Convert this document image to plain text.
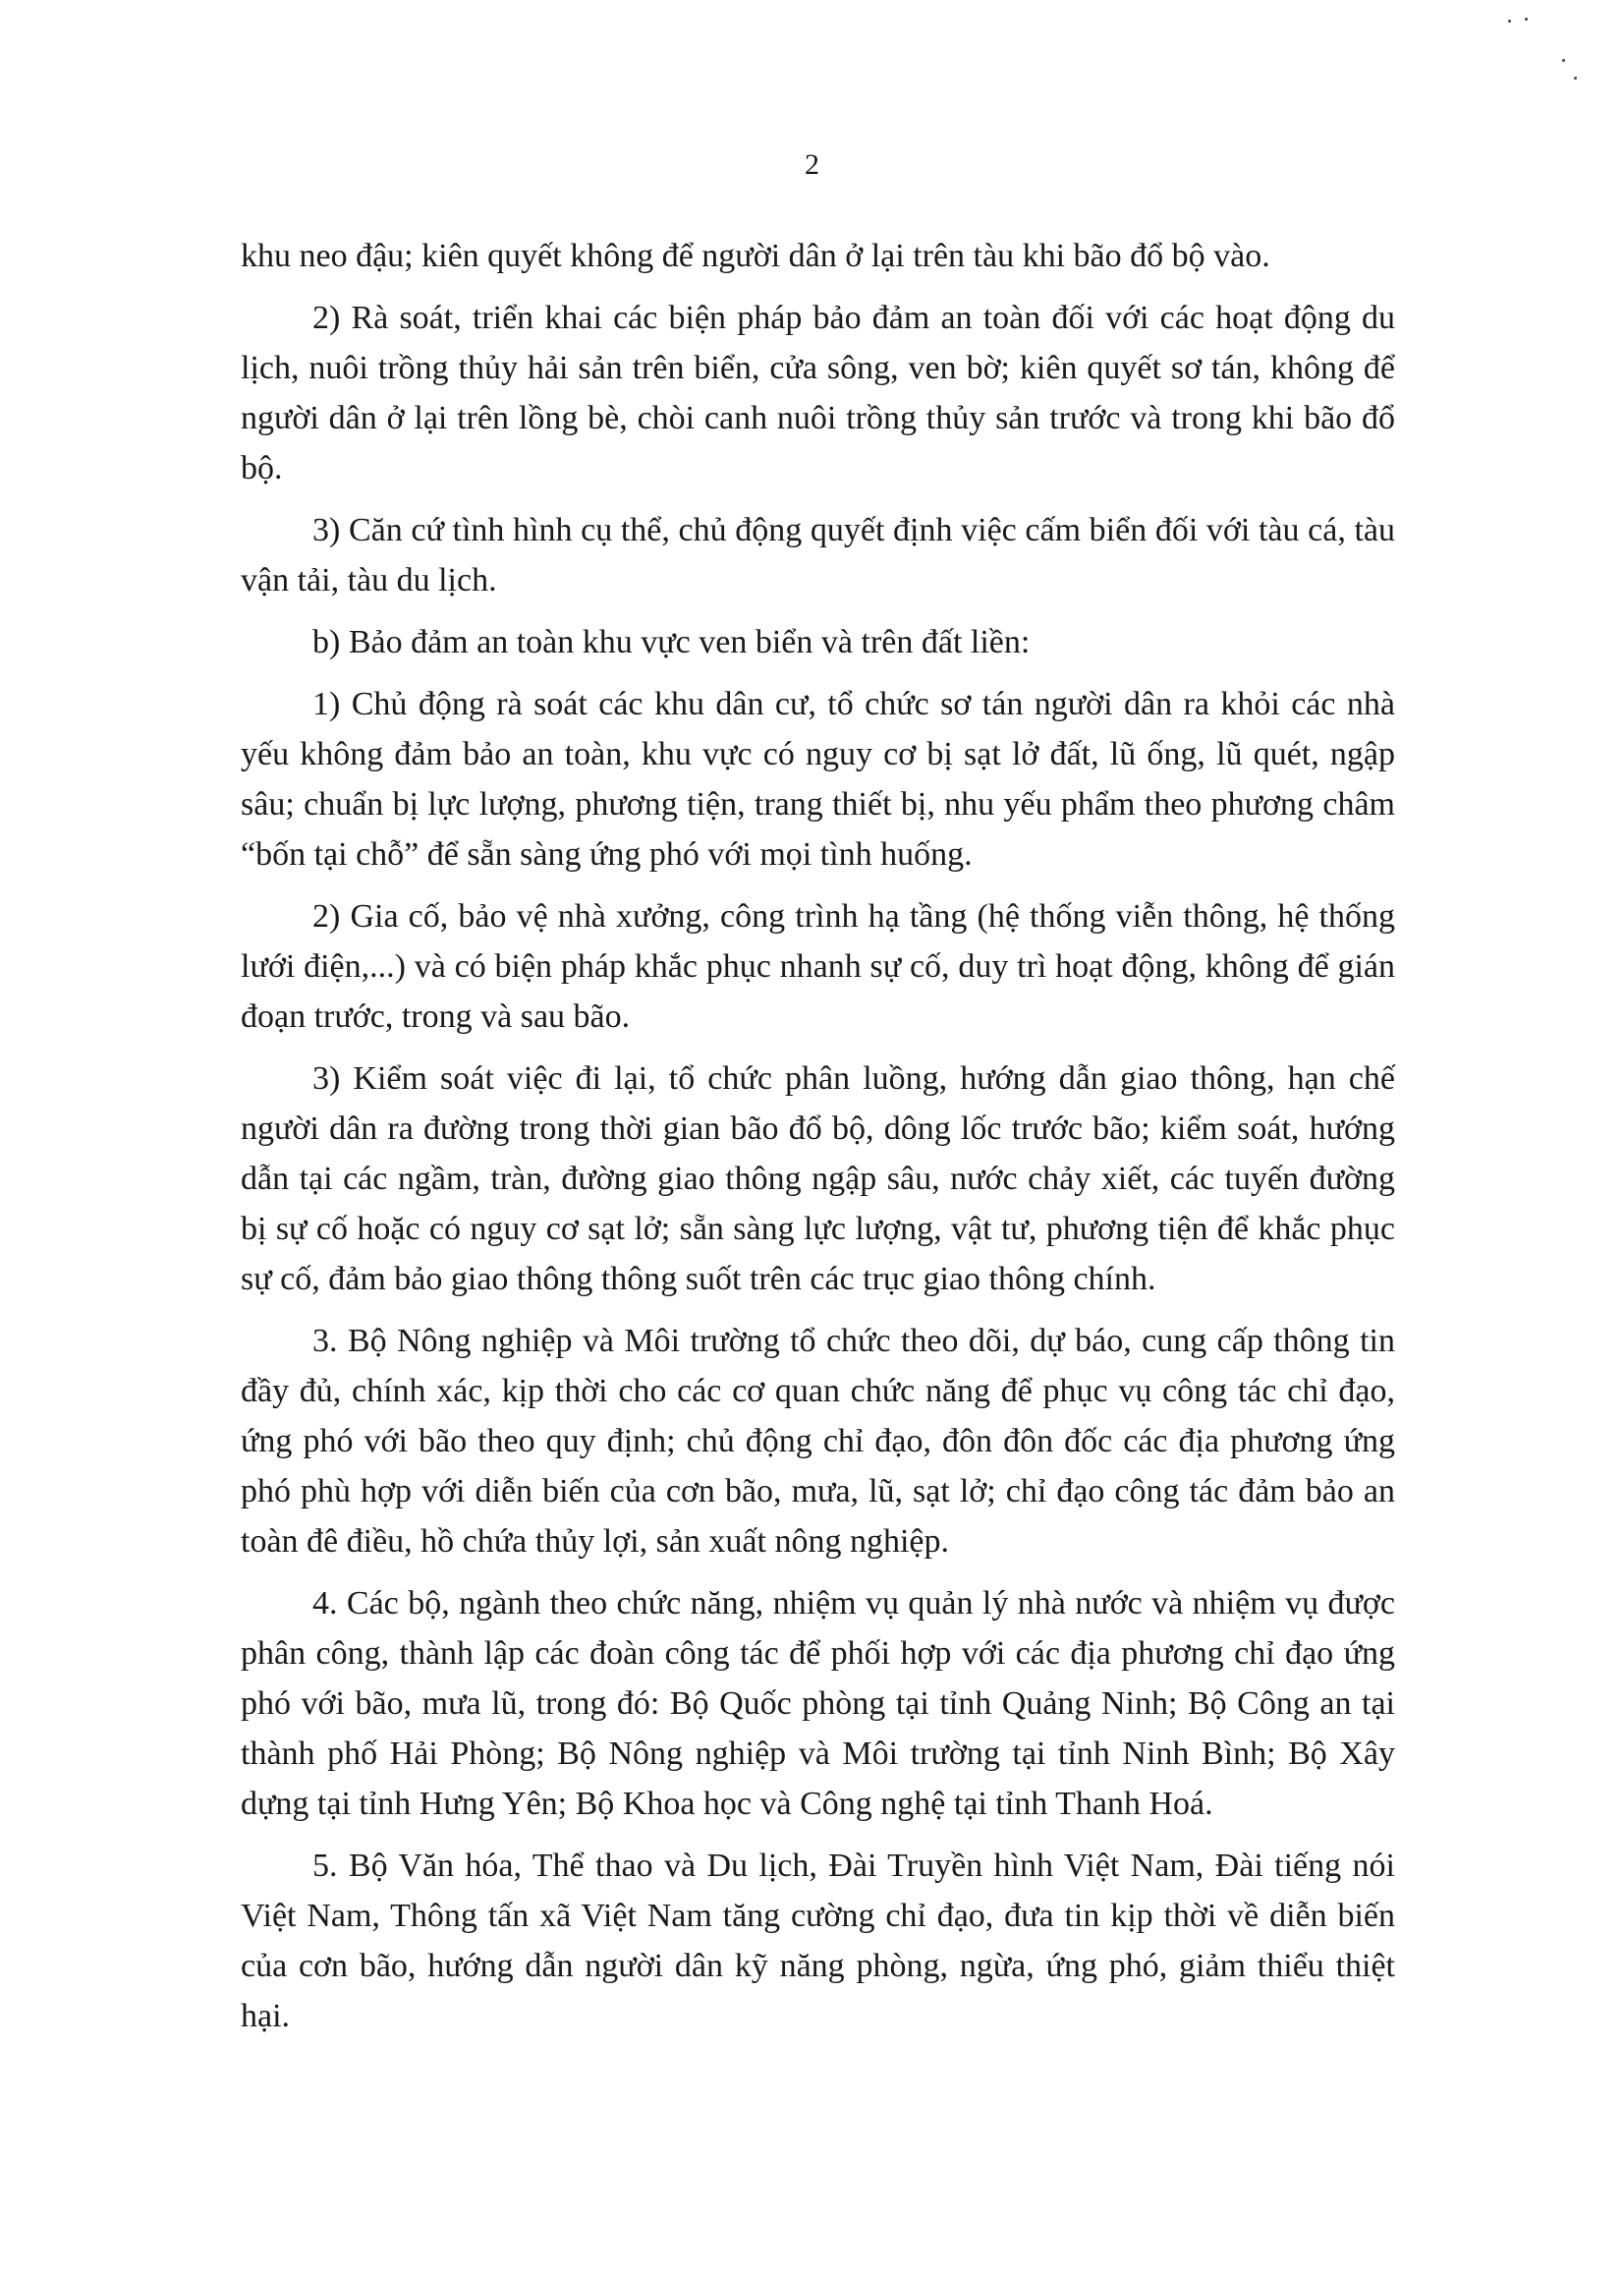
2

khu neo đậu; kiên quyết không để người dân ở lại trên tàu khi bão đổ bộ vào.

2) Rà soát, triển khai các biện pháp bảo đảm an toàn đối với các hoạt động du lịch, nuôi trồng thủy hải sản trên biển, cửa sông, ven bờ; kiên quyết sơ tán, không để người dân ở lại trên lồng bè, chòi canh nuôi trồng thủy sản trước và trong khi bão đổ bộ.

3) Căn cứ tình hình cụ thể, chủ động quyết định việc cấm biển đối với tàu cá, tàu vận tải, tàu du lịch.

b) Bảo đảm an toàn khu vực ven biển và trên đất liền:

1) Chủ động rà soát các khu dân cư, tổ chức sơ tán người dân ra khỏi các nhà yếu không đảm bảo an toàn, khu vực có nguy cơ bị sạt lở đất, lũ ống, lũ quét, ngập sâu; chuẩn bị lực lượng, phương tiện, trang thiết bị, nhu yếu phẩm theo phương châm “bốn tại chỗ” để sẵn sàng ứng phó với mọi tình huống.

2) Gia cố, bảo vệ nhà xưởng, công trình hạ tầng (hệ thống viễn thông, hệ thống lưới điện,...) và có biện pháp khắc phục nhanh sự cố, duy trì hoạt động, không để gián đoạn trước, trong và sau bão.

3) Kiểm soát việc đi lại, tổ chức phân luồng, hướng dẫn giao thông, hạn chế người dân ra đường trong thời gian bão đổ bộ, dông lốc trước bão; kiểm soát, hướng dẫn tại các ngầm, tràn, đường giao thông ngập sâu, nước chảy xiết, các tuyến đường bị sự cố hoặc có nguy cơ sạt lở; sẵn sàng lực lượng, vật tư, phương tiện để khắc phục sự cố, đảm bảo giao thông thông suốt trên các trục giao thông chính.

3. Bộ Nông nghiệp và Môi trường tổ chức theo dõi, dự báo, cung cấp thông tin đầy đủ, chính xác, kịp thời cho các cơ quan chức năng để phục vụ công tác chỉ đạo, ứng phó với bão theo quy định; chủ động chỉ đạo, đôn đôn đốc các địa phương ứng phó phù hợp với diễn biến của cơn bão, mưa, lũ, sạt lở; chỉ đạo công tác đảm bảo an toàn đê điều, hồ chứa thủy lợi, sản xuất nông nghiệp.

4. Các bộ, ngành theo chức năng, nhiệm vụ quản lý nhà nước và nhiệm vụ được phân công, thành lập các đoàn công tác để phối hợp với các địa phương chỉ đạo ứng phó với bão, mưa lũ, trong đó: Bộ Quốc phòng tại tỉnh Quảng Ninh; Bộ Công an tại thành phố Hải Phòng; Bộ Nông nghiệp và Môi trường tại tỉnh Ninh Bình; Bộ Xây dựng tại tỉnh Hưng Yên; Bộ Khoa học và Công nghệ tại tỉnh Thanh Hoá.

5. Bộ Văn hóa, Thể thao và Du lịch, Đài Truyền hình Việt Nam, Đài tiếng nói Việt Nam, Thông tấn xã Việt Nam tăng cường chỉ đạo, đưa tin kịp thời về diễn biến của cơn bão, hướng dẫn người dân kỹ năng phòng, ngừa, ứng phó, giảm thiểu thiệt hại.
